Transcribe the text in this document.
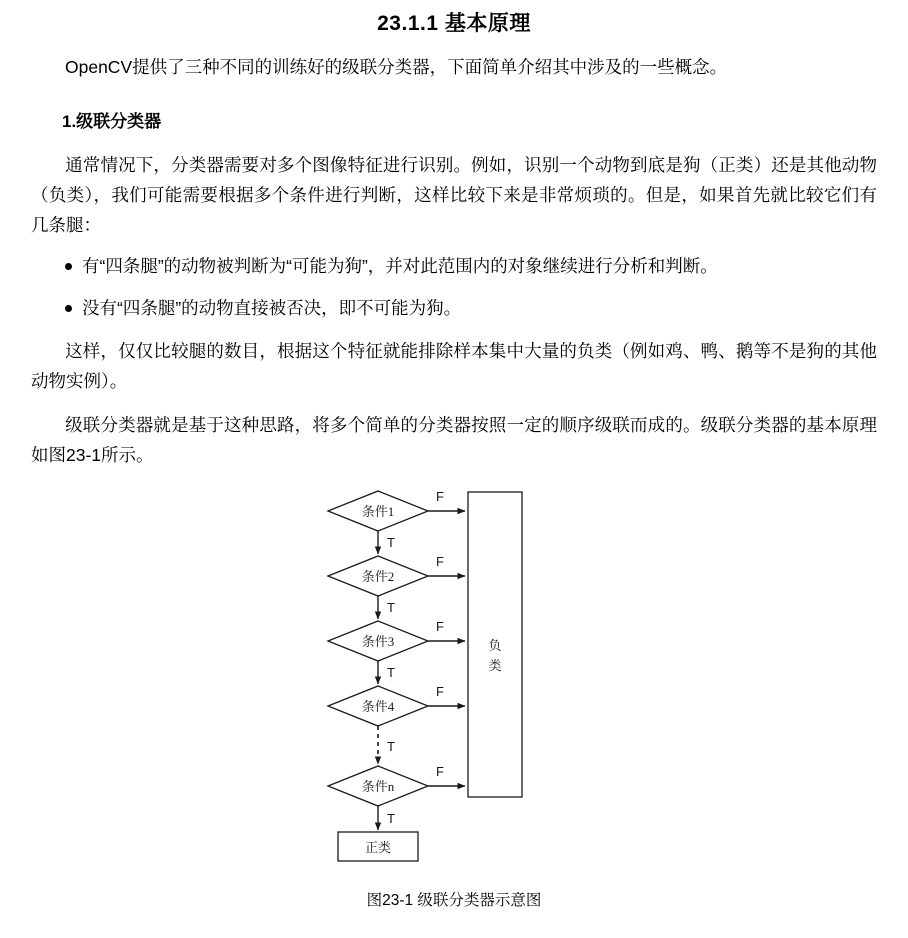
23.1.1 基本原理
OpenCV提供了三种不同的训练好的级联分类器，下面简单介绍其中涉及的一些概念。
1.级联分类器
通常情况下，分类器需要对多个图像特征进行识别。例如，识别一个动物到底是狗（正类）还是其他动物（负类），我们可能需要根据多个条件进行判断，这样比较下来是非常烦琐的。但是，如果首先就比较它们有几条腿：
有“四条腿”的动物被判断为“可能为狗”，并对此范围内的对象继续进行分析和判断。
没有“四条腿”的动物直接被否决，即不可能为狗。
这样，仅仅比较腿的数目，根据这个特征就能排除样本集中大量的负类（例如鸡、鸭、鹅等不是狗的其他动物实例）。
级联分类器就是基于这种思路，将多个简单的分类器按照一定的顺序级联而成的。级联分类器的基本原理如图23-1所示。
负
类
条件1
F
T
条件2
F
T
条件3
F
T
条件4
F
T
条件n
F
T
正类
图23-1 级联分类器示意图
